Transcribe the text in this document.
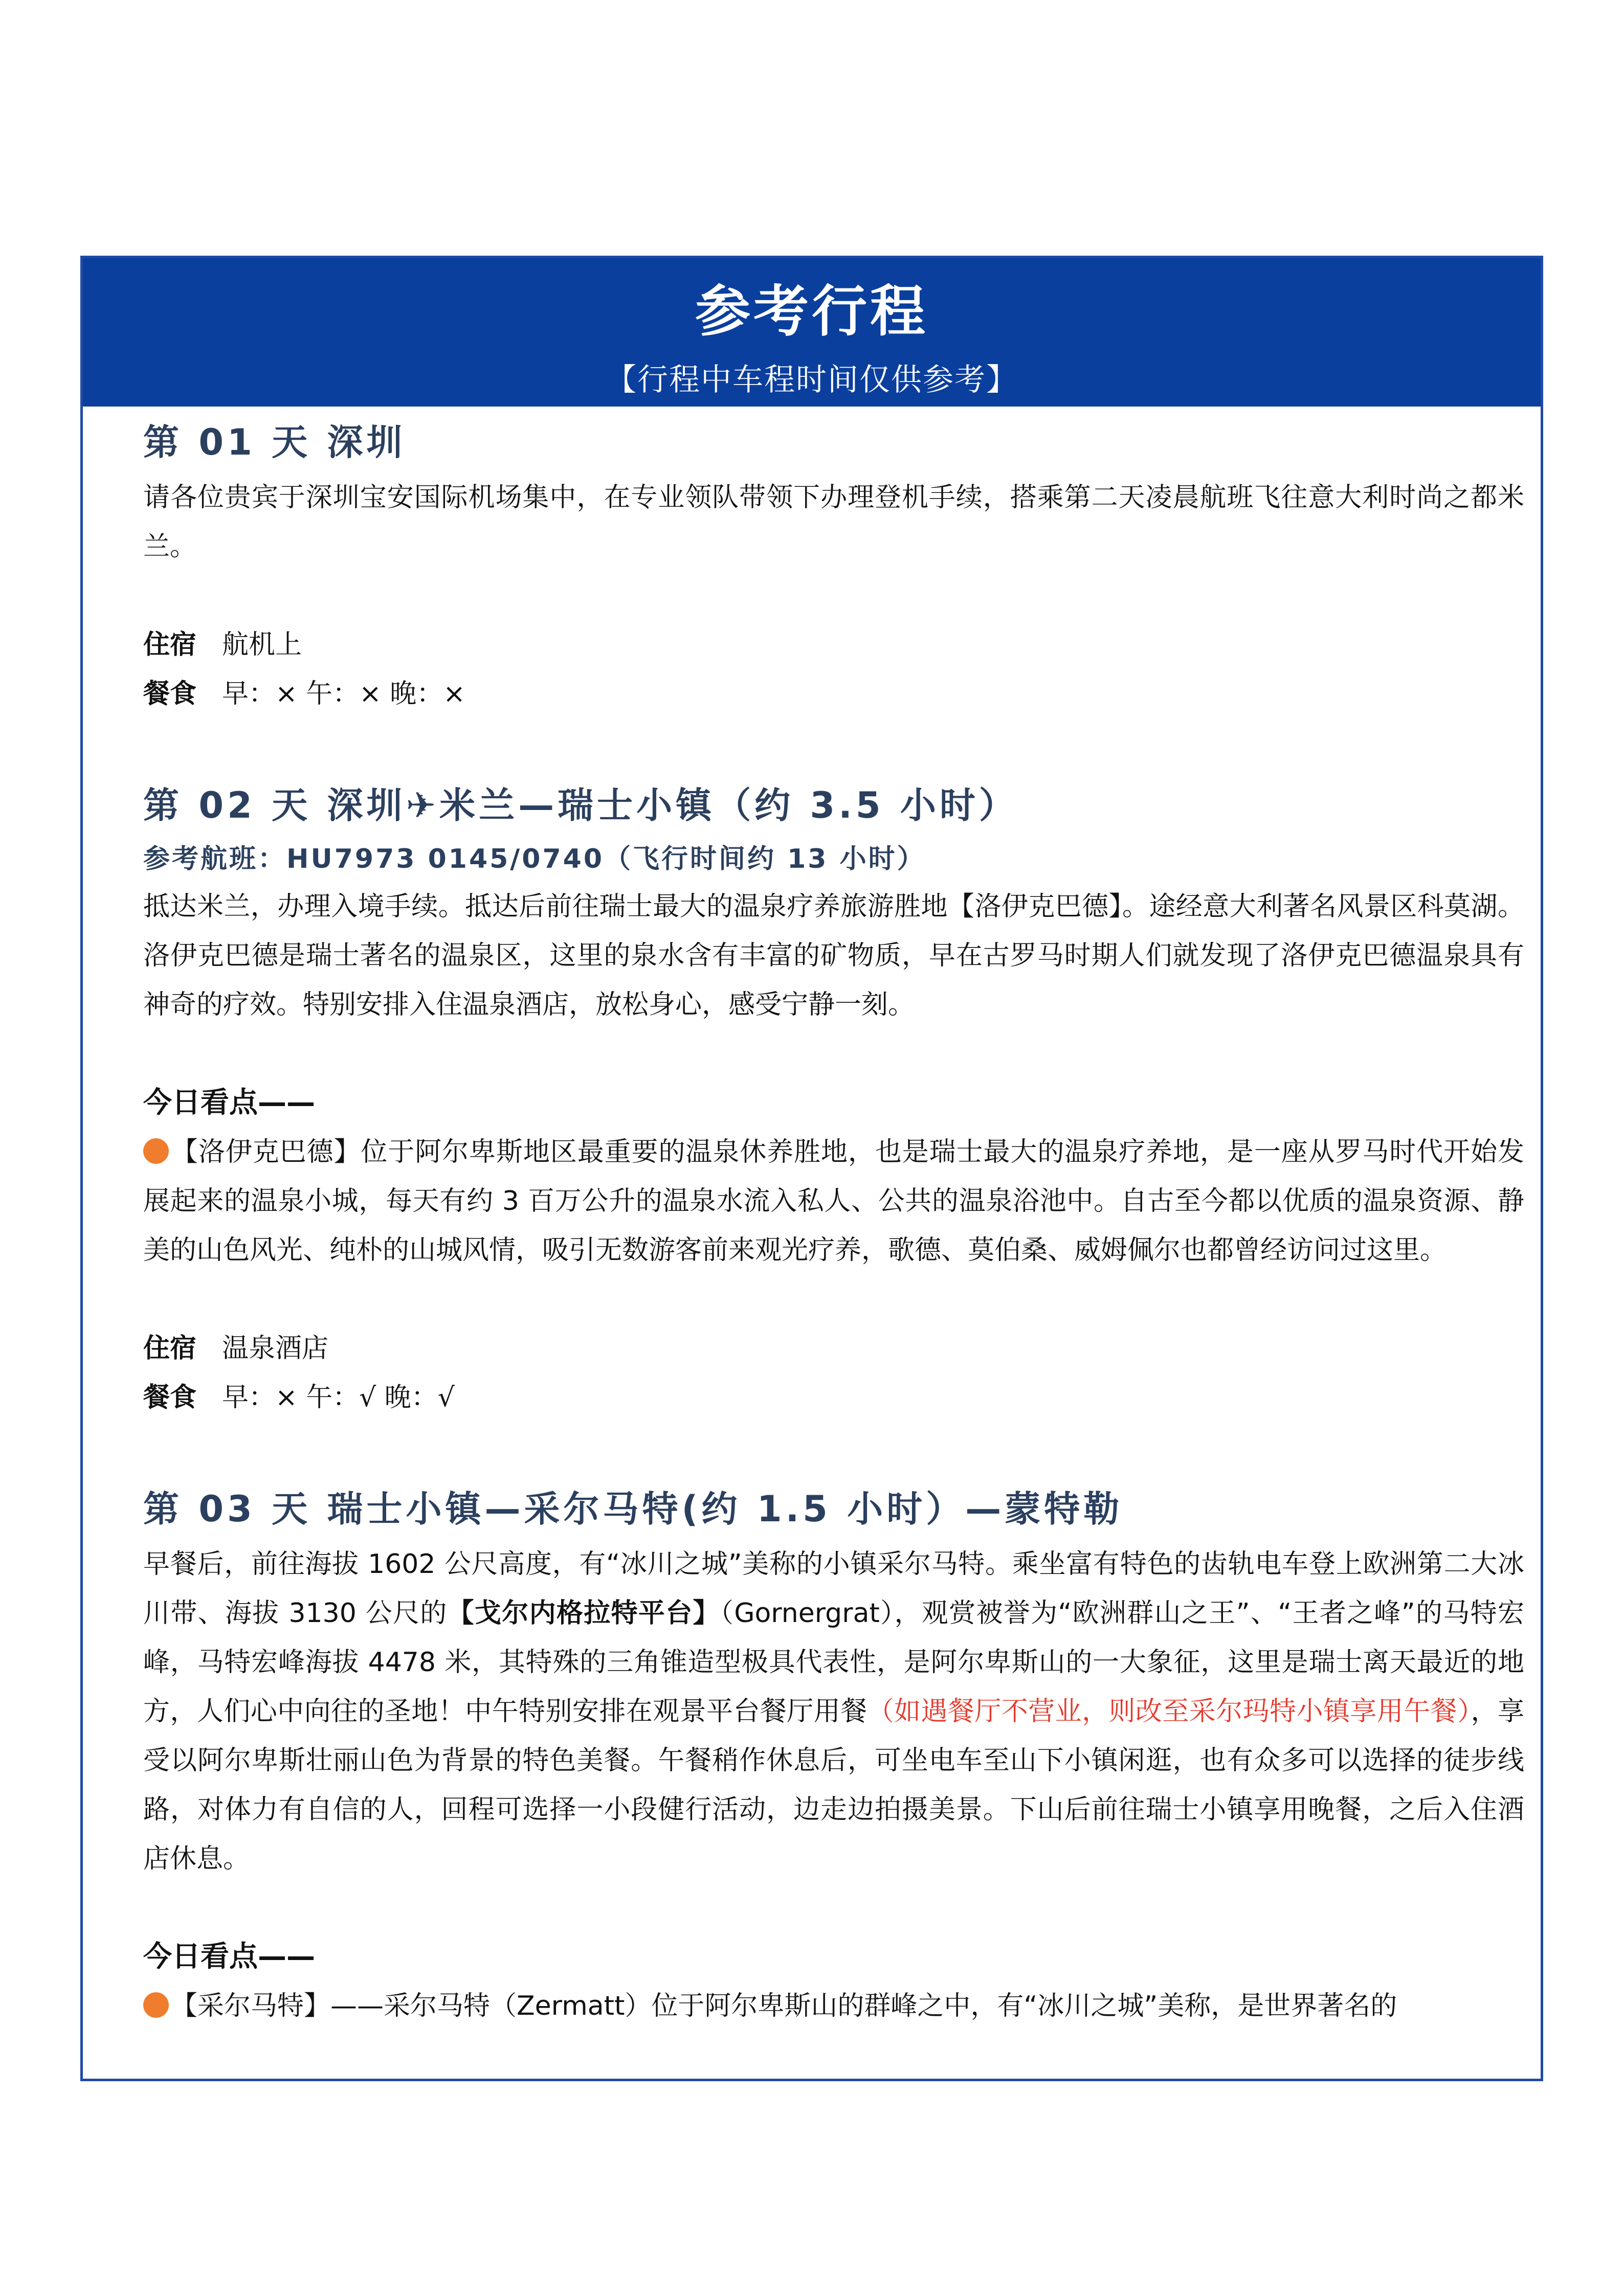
参考行程
【行程中车程时间仅供参考】
第 01 天 深圳

请各位贵宾于深圳宝安国际机场集中，在专业领队带领下办理登机手续，搭乘第二天凌晨航班飞往意大利时尚之都米兰。

住宿 航机上

餐食 早：× 午：× 晚：×

第 02 天 深圳✈米兰—瑞士小镇（约 3.5 小时）

参考航班：HU7973 0145/0740（飞行时间约 13 小时）

抵达米兰，办理入境手续。抵达后前往瑞士最大的温泉疗养旅游胜地【洛伊克巴德】。途经意大利著名风景区科莫湖。洛伊克巴德是瑞士著名的温泉区，这里的泉水含有丰富的矿物质，早在古罗马时期人们就发现了洛伊克巴德温泉具有神奇的疗效。特别安排入住温泉酒店，放松身心，感受宁静一刻。

今日看点——

【洛伊克巴德】位于阿尔卑斯地区最重要的温泉休养胜地，也是瑞士最大的温泉疗养地，是一座从罗马时代开始发展起来的温泉小城，每天有约 3 百万公升的温泉水流入私人、公共的温泉浴池中。自古至今都以优质的温泉资源、静美的山色风光、纯朴的山城风情，吸引无数游客前来观光疗养，歌德、莫伯桑、威姆佩尔也都曾经访问过这里。

住宿 温泉酒店

餐食 早：× 午：√ 晚：√

第 03 天 瑞士小镇—采尔马特(约 1.5 小时）—蒙特勒

早餐后，前往海拔 1602 公尺高度，有“冰川之城”美称的小镇采尔马特。乘坐富有特色的齿轨电车登上欧洲第二大冰川带、海拔 3130 公尺的【戈尔内格拉特平台】（Gornergrat），观赏被誉为“欧洲群山之王”、“王者之峰”的马特宏峰，马特宏峰海拔 4478 米，其特殊的三角锥造型极具代表性，是阿尔卑斯山的一大象征，这里是瑞士离天最近的地方，人们心中向往的圣地！中午特别安排在观景平台餐厅用餐（如遇餐厅不营业，则改至采尔玛特小镇享用午餐），享受以阿尔卑斯壮丽山色为背景的特色美餐。午餐稍作休息后，可坐电车至山下小镇闲逛，也有众多可以选择的徒步线路，对体力有自信的人，回程可选择一小段健行活动，边走边拍摄美景。下山后前往瑞士小镇享用晚餐，之后入住酒店休息。

今日看点——

【采尔马特】——采尔马特（Zermatt）位于阿尔卑斯山的群峰之中，有“冰川之城”美称，是世界著名的
